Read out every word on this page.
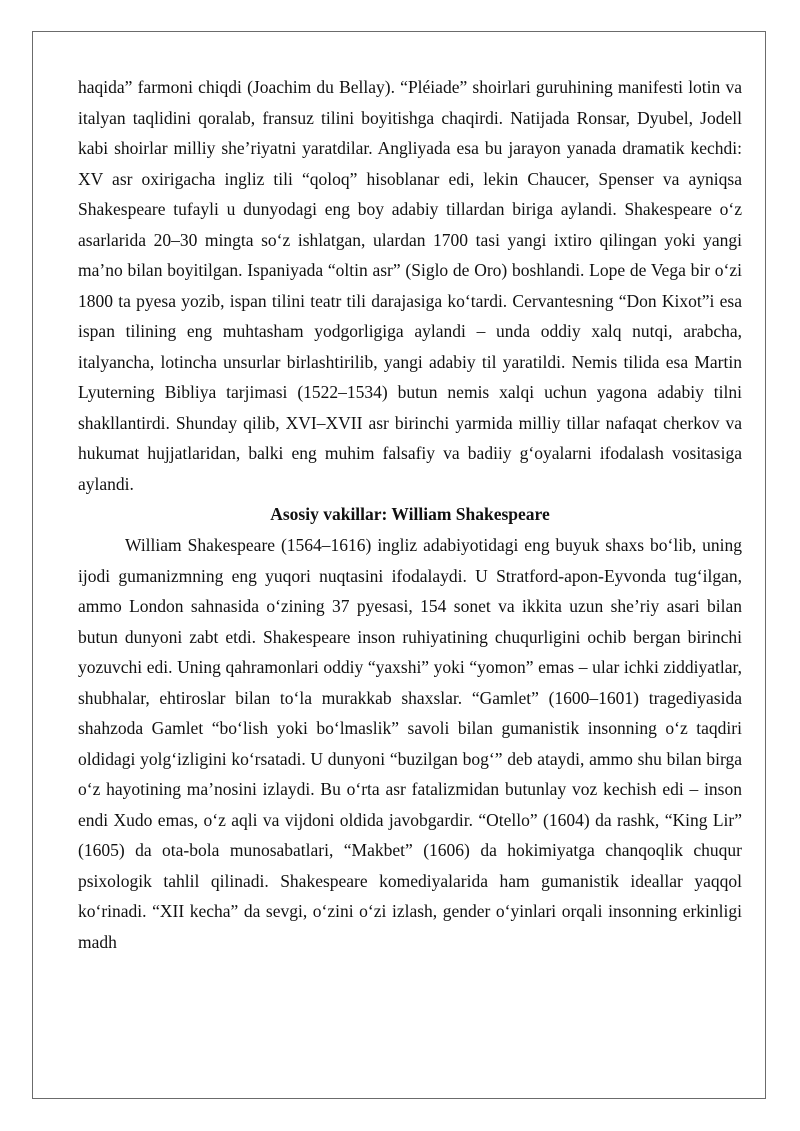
haqida” farmoni chiqdi (Joachim du Bellay). “Pléiade” shoirlari guruhining manifesti lotin va italyan taqlidini qoralab, fransuz tilini boyitishga chaqirdi. Natijada Ronsar, Dyubel, Jodell kabi shoirlar milliy she’riyatni yaratdilar. Angliyada esa bu jarayon yanada dramatik kechdi: XV asr oxirigacha ingliz tili “qoloq” hisoblanar edi, lekin Chaucer, Spenser va ayniqsa Shakespeare tufayli u dunyodagi eng boy adabiy tillardan biriga aylandi. Shakespeare oʻz asarlarida 20–30 mingta soʻz ishlatgan, ulardan 1700 tasi yangi ixtiro qilingan yoki yangi ma’no bilan boyitilgan. Ispaniyada “oltin asr” (Siglo de Oro) boshlandi. Lope de Vega bir oʻzi 1800 ta pyesa yozib, ispan tilini teatr tili darajasiga koʻtardi. Cervantesning “Don Kixot”i esa ispan tilining eng muhtasham yodgorligiga aylandi – unda oddiy xalq nutqi, arabcha, italyancha, lotincha unsurlar birlashtirilib, yangi adabiy til yaratildi. Nemis tilida esa Martin Lyuterning Bibliya tarjimasi (1522–1534) butun nemis xalqi uchun yagona adabiy tilni shakllantirdi. Shunday qilib, XVI–XVII asr birinchi yarmida milliy tillar nafaqat cherkov va hukumat hujjatlaridan, balki eng muhim falsafiy va badiiy gʻoyalarni ifodalash vositasiga aylandi.

Asosiy vakillar: William Shakespeare

William Shakespeare (1564–1616) ingliz adabiyotidagi eng buyuk shaxs boʻlib, uning ijodi gumanizmning eng yuqori nuqtasini ifodalaydi. U Stratford-apon-Eyvonda tugʻilgan, ammo London sahnasida oʻzining 37 pyesasi, 154 sonet va ikkita uzun she’riy asari bilan butun dunyoni zabt etdi. Shakespeare inson ruhiyatining chuqurligini ochib bergan birinchi yozuvchi edi. Uning qahramonlari oddiy “yaxshi” yoki “yomon” emas – ular ichki ziddiyatlar, shubhalar, ehtiroslar bilan toʻla murakkab shaxslar. “Gamlet” (1600–1601) tragediyasida shahzoda Gamlet “boʻlish yoki boʻlmaslik” savoli bilan gumanistik insonning oʻz taqdiri oldidagi yolgʻizligini koʻrsatadi. U dunyoni “buzilgan bogʻ” deb ataydi, ammo shu bilan birga oʻz hayotining ma’nosini izlaydi. Bu oʻrta asr fatalizmidan butunlay voz kechish edi – inson endi Xudo emas, oʻz aqli va vijdoni oldida javobgardir. “Otello” (1604) da rashk, “King Lir” (1605) da ota-bola munosabatlari, “Makbet” (1606) da hokimiyatga chanqoqlik chuqur psixologik tahlil qilinadi. Shakespeare komediyalarida ham gumanistik ideallar yaqqol koʻrinadi. “XII kecha” da sevgi, oʻzini oʻzi izlash, gender oʻyinlari orqali insonning erkinligi madh
